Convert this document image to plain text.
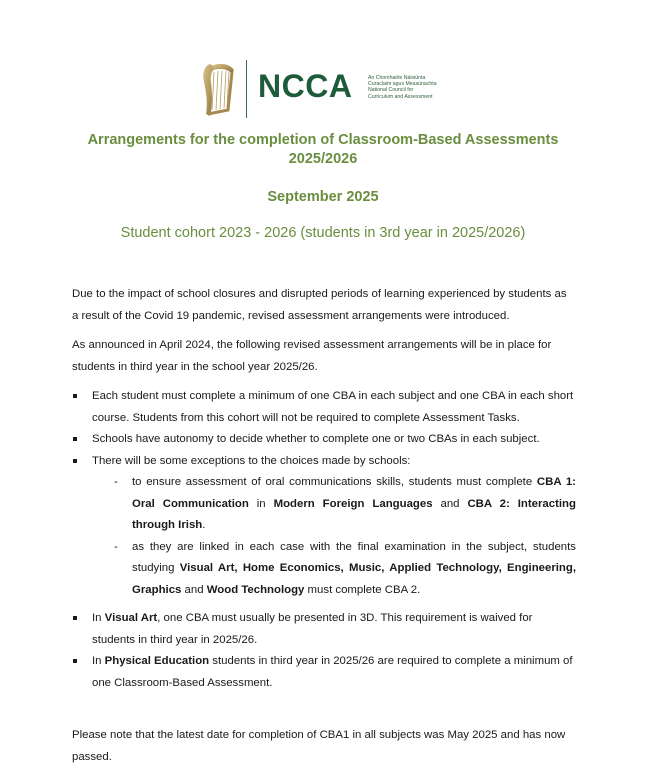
NCCA	An Chomhairle Náisiúnta
Curaclaim agus Measúnachta
National Council for
Curriculum and Assessment
Arrangements for the completion of Classroom-Based Assessments 2025/2026
September 2025
Student cohort 2023 - 2026 (students in 3rd year in 2025/2026)

Due to the impact of school closures and disrupted periods of learning experienced by students as a result of the Covid 19 pandemic, revised assessment arrangements were introduced.

As announced in April 2024, the following revised assessment arrangements will be in place for students in third year in the school year 2025/26.

Each student must complete a minimum of one CBA in each subject and one CBA in each short course. Students from this cohort will not be required to complete Assessment Tasks.
Schools have autonomy to decide whether to complete one or two CBAs in each subject.
There will be some exceptions to the choices made by schools:
- to ensure assessment of oral communications skills, students must complete CBA 1: Oral Communication in Modern Foreign Languages and CBA 2: Interacting through Irish.
- as they are linked in each case with the final examination in the subject, students studying Visual Art, Home Economics, Music, Applied Technology, Engineering, Graphics and Wood Technology must complete CBA 2.
In Visual Art, one CBA must usually be presented in 3D. This requirement is waived for students in third year in 2025/26.
In Physical Education students in third year in 2025/26 are required to complete a minimum of one Classroom-Based Assessment.

Please note that the latest date for completion of CBA1 in all subjects was May 2025 and has now passed.
